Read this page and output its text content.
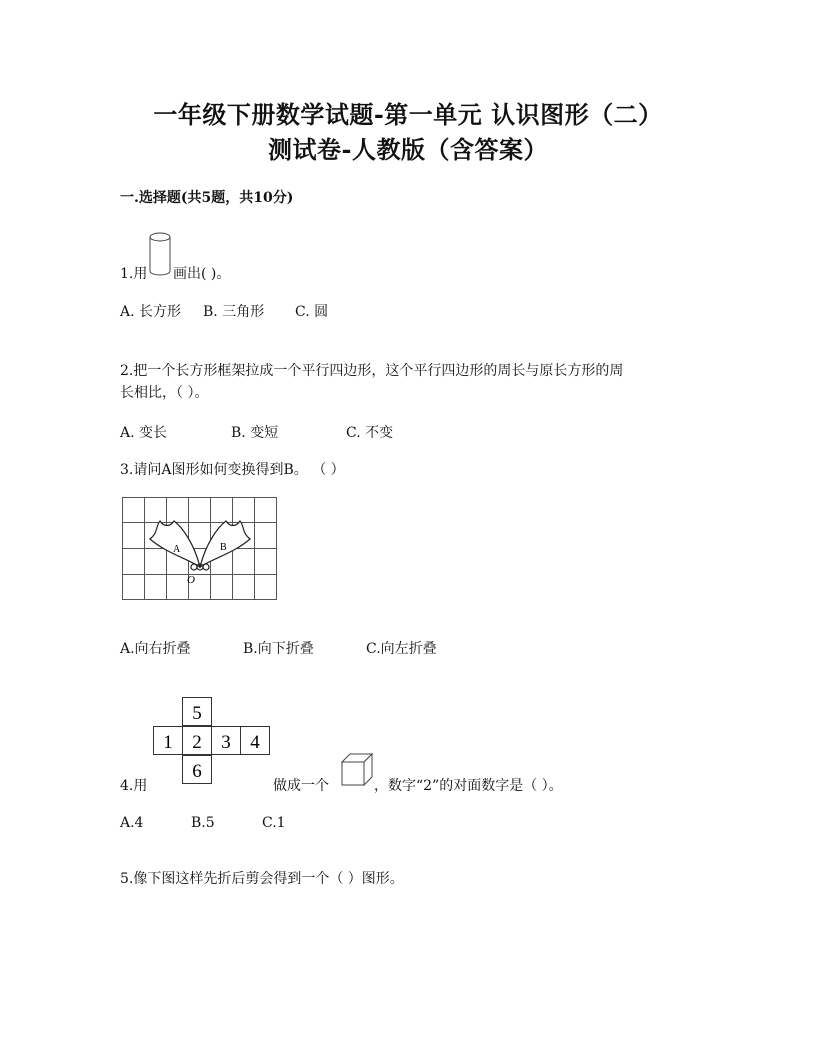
一年级下册数学试题-第一单元 认识图形（二）
测试卷-人教版（含答案）
一.选择题(共5题，共10分)
1.用 画出( )。
A. 长方形 B. 三角形 C. 圆
2.把一个长方形框架拉成一个平行四边形，这个平行四边形的周长与原长方形的周
长相比，（ ）。
A. 变长	B. 变短	C. 不变
3.请问A图形如何变换得到B。 （ ）
A	B
O
A.向右折叠	B.向下折叠	C.向左折叠
5
1 2 3 4
6
4.用	做成一个	，数字“2”的对面数字是（ ）。
A.4	B.5	C.1
5.像下图这样先折后剪会得到一个（ ）图形。
